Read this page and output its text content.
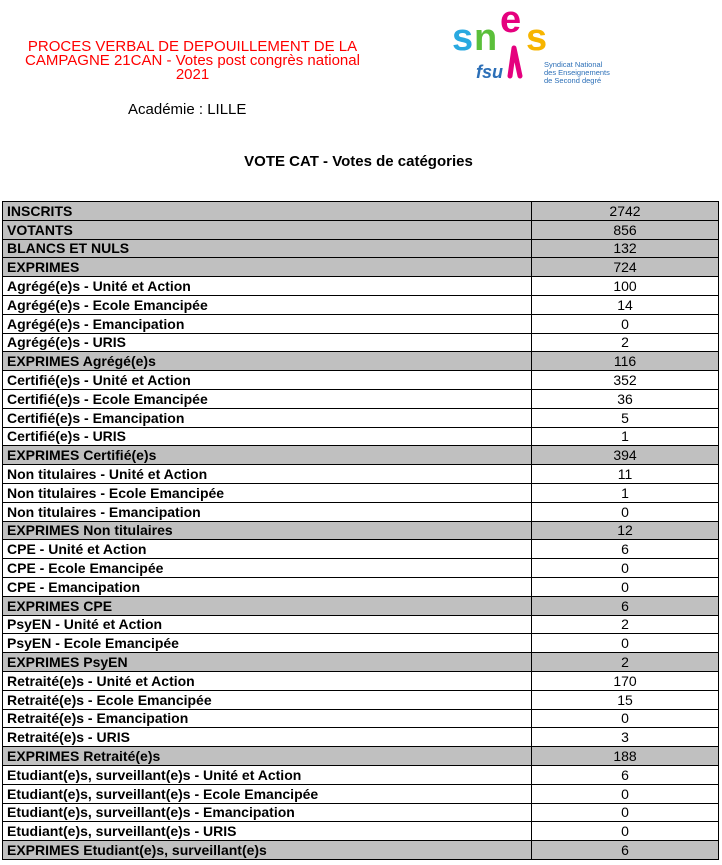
PROCES VERBAL DE DEPOUILLEMENT DE LA
CAMPAGNE 21CAN - Votes post congrès national
2021
Académie : LILLE
s n e s
fsu	Syndicat National
des Enseignements
de Second degré
VOTE CAT - Votes de catégories
INSCRITS	2742
VOTANTS	856
BLANCS ET NULS	132
EXPRIMES	724
Agrégé(e)s - Unité et Action	100
Agrégé(e)s - Ecole Emancipée	14
Agrégé(e)s - Emancipation	0
Agrégé(e)s - URIS	2
EXPRIMES Agrégé(e)s	116
Certifié(e)s - Unité et Action	352
Certifié(e)s - Ecole Emancipée	36
Certifié(e)s - Emancipation	5
Certifié(e)s - URIS	1
EXPRIMES Certifié(e)s	394
Non titulaires - Unité et Action	11
Non titulaires - Ecole Emancipée	1
Non titulaires - Emancipation	0
EXPRIMES Non titulaires	12
CPE - Unité et Action	6
CPE - Ecole Emancipée	0
CPE - Emancipation	0
EXPRIMES CPE	6
PsyEN - Unité et Action	2
PsyEN - Ecole Emancipée	0
EXPRIMES PsyEN	2
Retraité(e)s - Unité et Action	170
Retraité(e)s - Ecole Emancipée	15
Retraité(e)s - Emancipation	0
Retraité(e)s - URIS	3
EXPRIMES Retraité(e)s	188
Etudiant(e)s, surveillant(e)s - Unité et Action	6
Etudiant(e)s, surveillant(e)s - Ecole Emancipée	0
Etudiant(e)s, surveillant(e)s - Emancipation	0
Etudiant(e)s, surveillant(e)s - URIS	0
EXPRIMES Etudiant(e)s, surveillant(e)s	6
